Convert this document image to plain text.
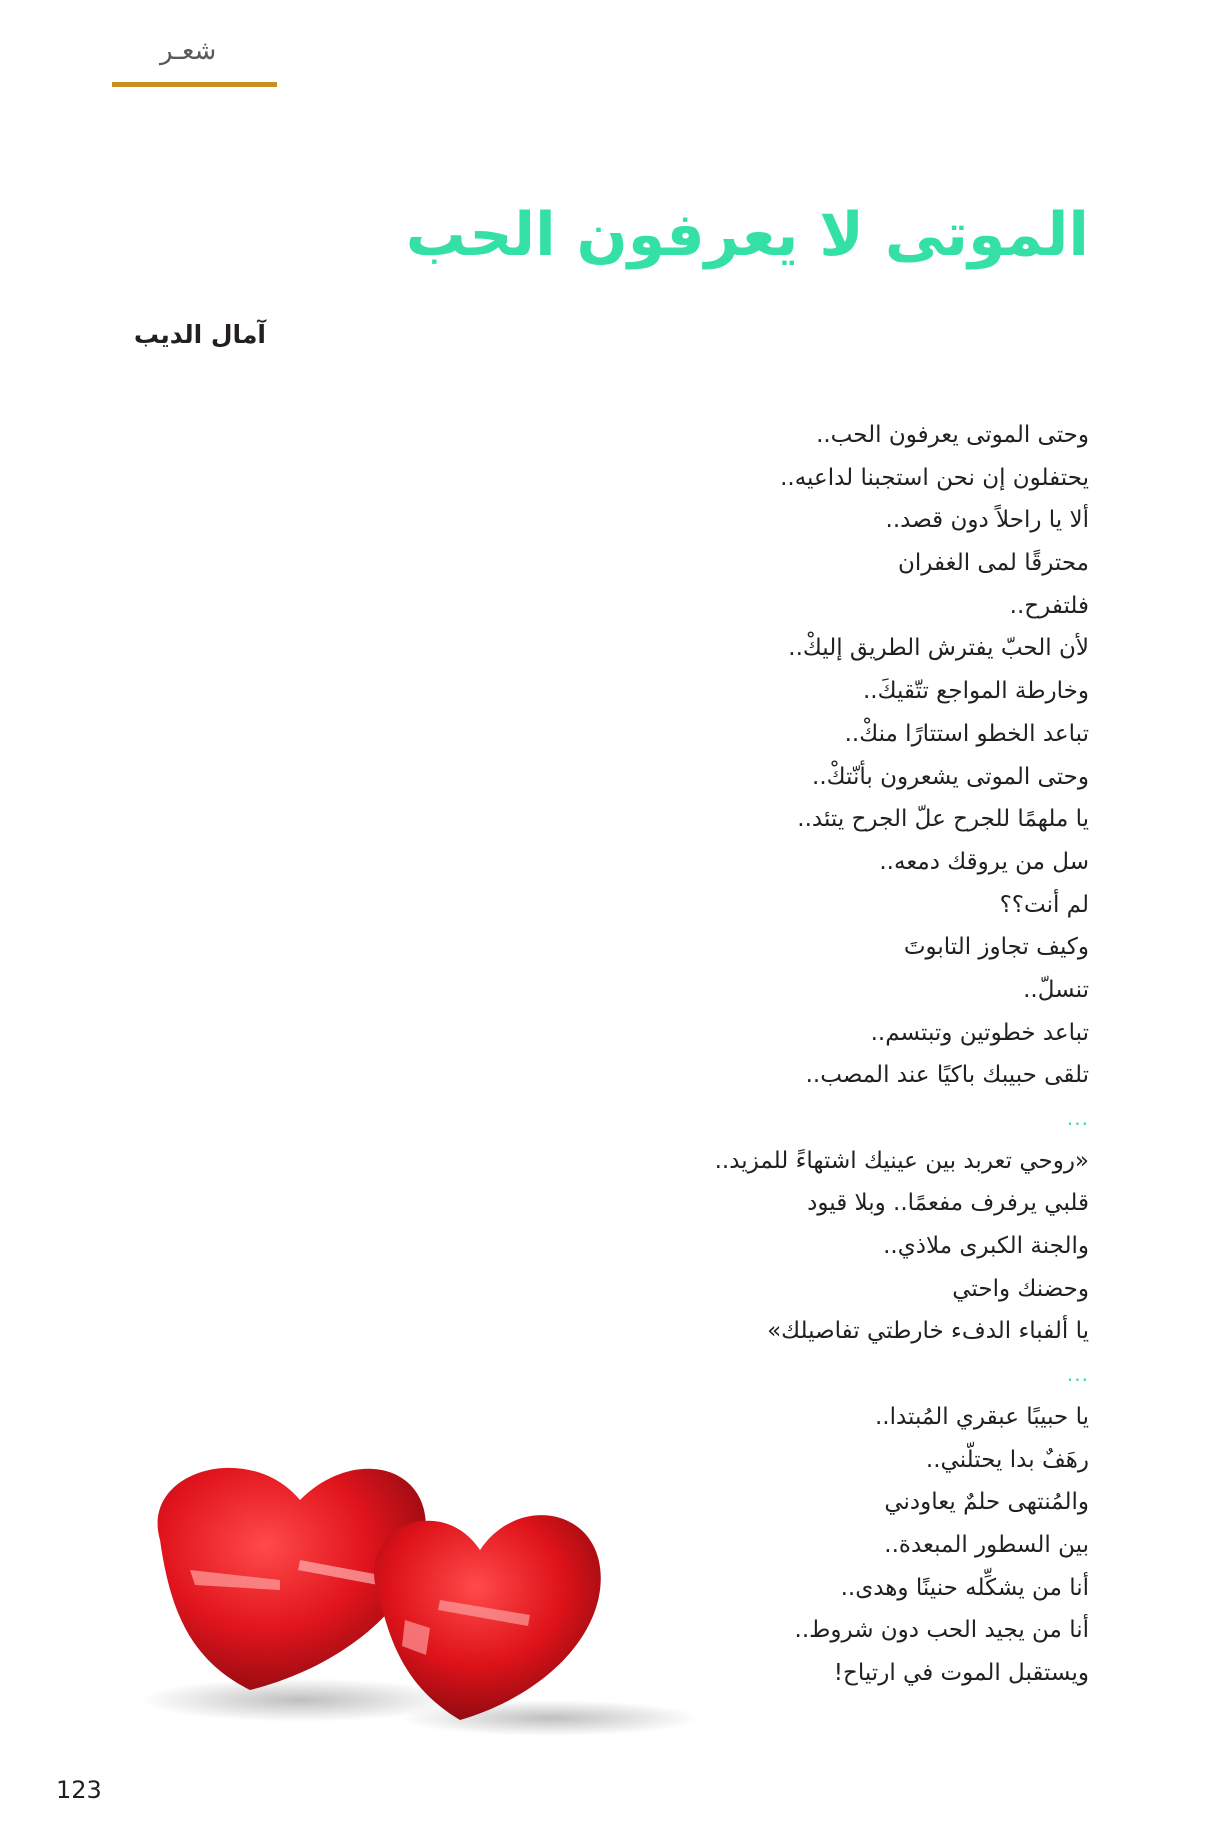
شعـر
الموتى لا يعرفون الحب
آمال الديب
وحتى الموتى يعرفون الحب..
يحتفلون إن نحن استجبنا لداعيه..
ألا يا راحلاً دون قصد..
محترقًا لمى الغفران
فلتفرح..
لأن الحبّ يفترش الطريق إليكْ..
وخارطة المواجع تتّقيكَ..
تباعد الخطو استتارًا منكْ..
وحتى الموتى يشعرون بأنّتكْ..
يا ملهمًا للجرح علّ الجرح يتئد..
سل من يروقك دمعه..
لم أنت؟؟
وكيف تجاوز التابوتَ
تنسلّ..
تباعد خطوتين وتبتسم..
تلقى حبيبك باكيًا عند المصب..
...
«روحي تعربد بين عينيك اشتهاءً للمزيد..
قلبي يرفرف مفعمًا.. وبلا قيود
والجنة الكبرى ملاذي..
وحضنك واحتي
يا ألفباء الدفء خارطتي تفاصيلك»
...
يا حبيبًا عبقري المُبتدا..
رهَفٌ بدا يحتلّني..
والمُنتهى حلمٌ يعاودني
بين السطور المبعدة..
أنا من يشكِّله حنينًا وهدى..
أنا من يجيد الحب دون شروط..
ويستقبل الموت في ارتياح!
123
